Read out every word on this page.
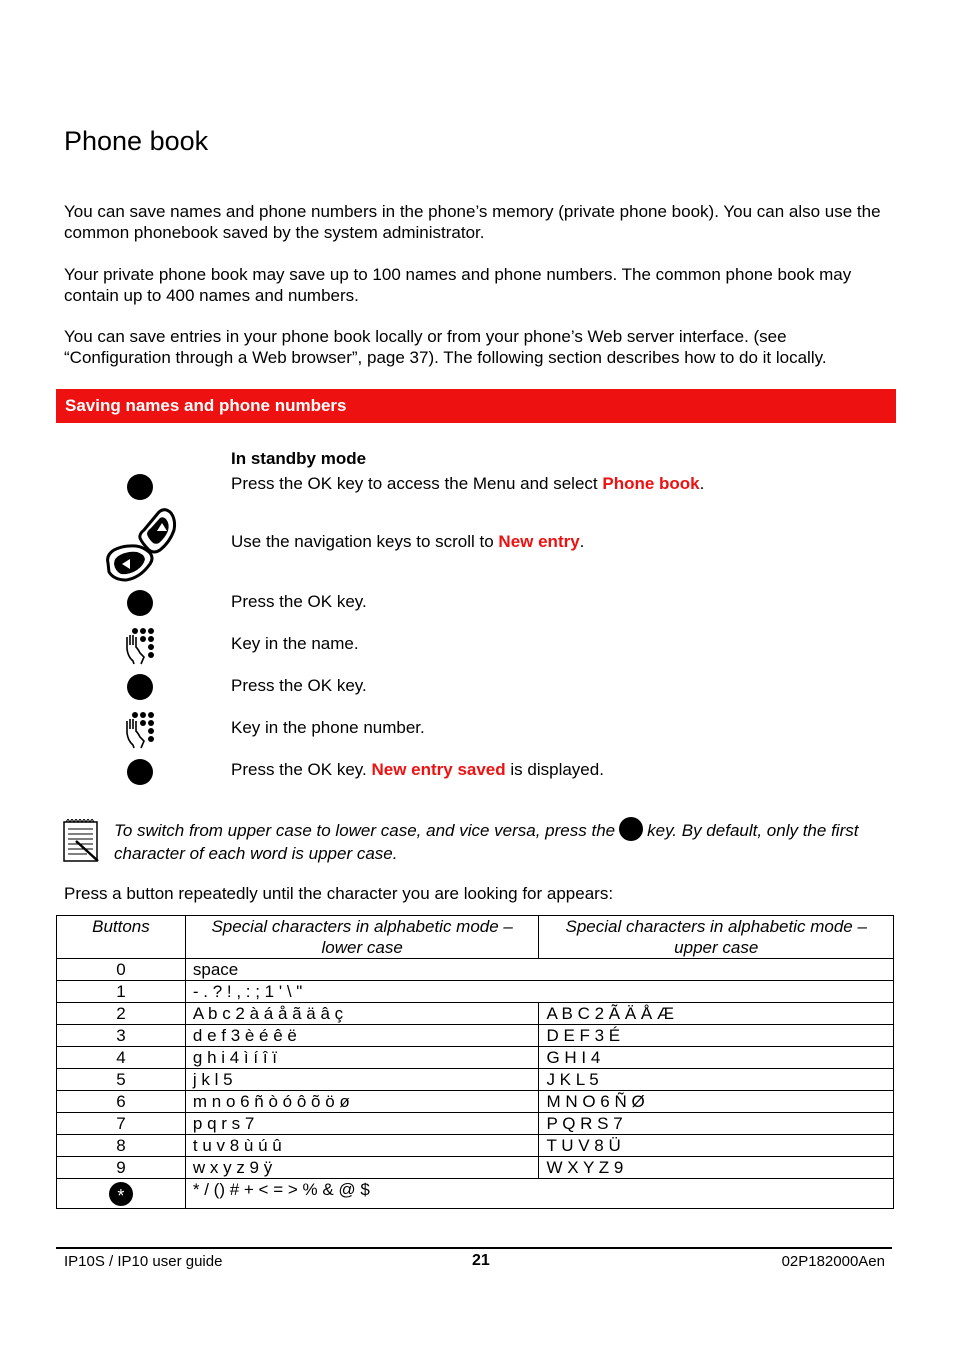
Phone book

You can save names and phone numbers in the phone’s memory (private phone book). You can also use the common phonebook saved by the system administrator.

Your private phone book may save up to 100 names and phone numbers. The common phone book may contain up to 400 names and numbers.

You can save entries in your phone book locally or from your phone’s Web server interface. (see “Configuration through a Web browser”, page 37). The following section describes how to do it locally.

Saving names and phone numbers
In standby mode
Press the OK key to access the Menu and select Phone book.
Use the navigation keys to scroll to New entry.
Press the OK key.
Key in the name.
Press the OK key.
Key in the phone number.
Press the OK key. New entry saved is displayed.
To switch from upper case to lower case, and vice versa, press the key. By default, only the first character of each word is upper case.

Press a button repeatedly until the character you are looking for appears:

Buttons	Special characters in alphabetic mode – lower case	Special characters in alphabetic mode – upper case
0	space	
1	- . ? ! , : ; 1 ' \ "	
2	A b c 2 à á å ã ä â ç	A B C 2 Ã Ä Å Æ
3	d e f 3 è é ê ë	D E F 3 É
4	g h i 4 ì í î ï	G H I 4
5	j k l 5	J K L 5
6	m n o 6 ñ ò ó ô õ ö ø	M N O 6 Ñ Ø
7	p q r s 7	P Q R S 7
8	t u v 8 ù ú û	T U V 8 Ü
9	w x y z 9 ÿ	W X Y Z 9
*	* / () # + < = > % & @ $	
IP10S / IP10 user guide	21	02P182000Aen
